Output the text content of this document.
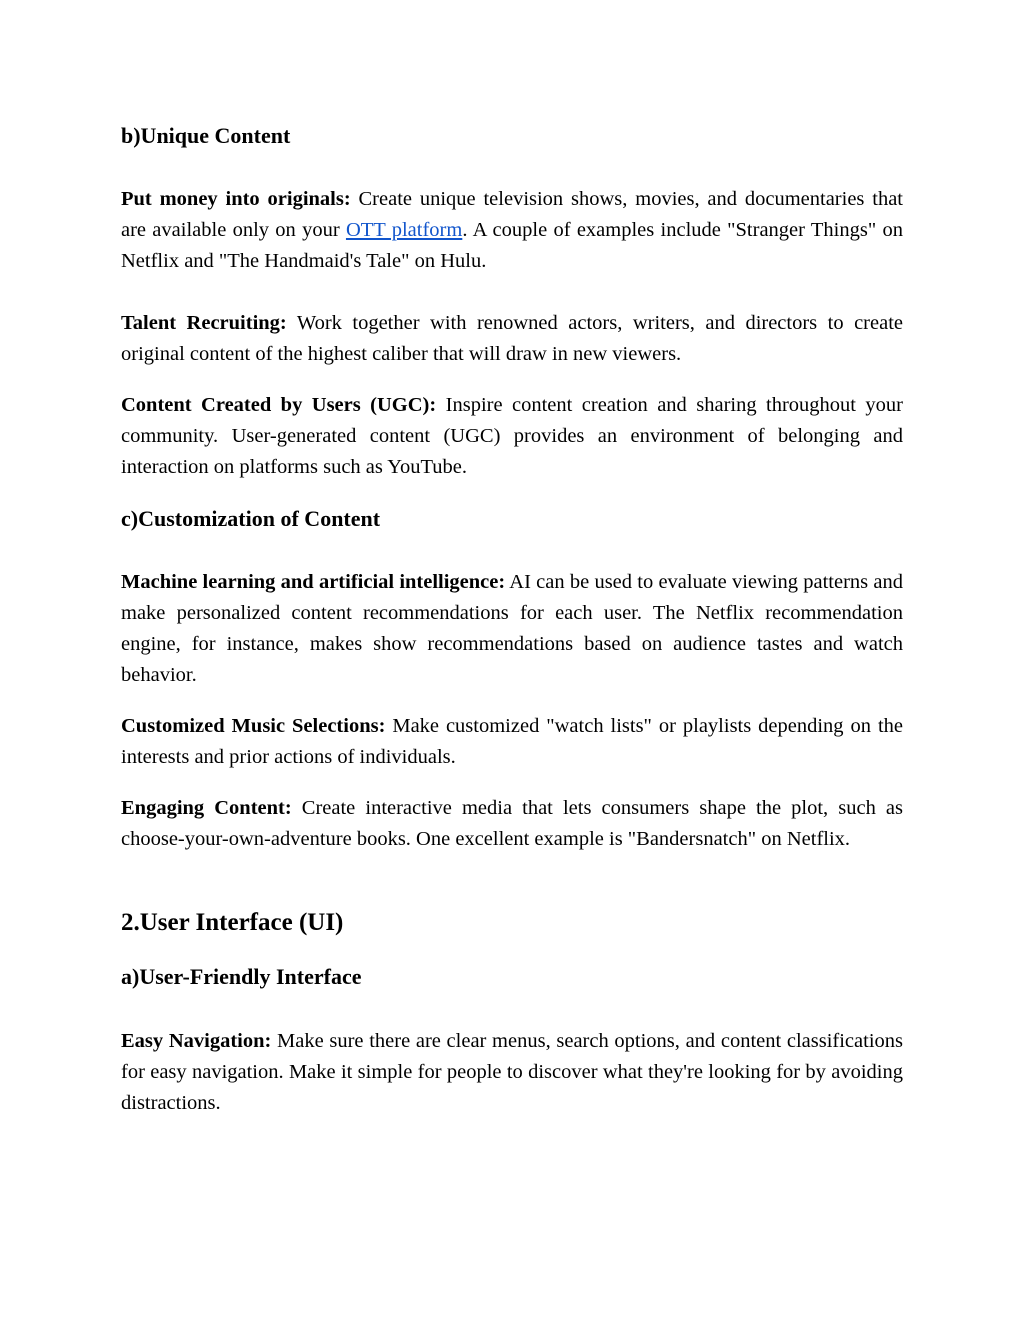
b)Unique Content

Put money into originals: Create unique television shows, movies, and documentaries that are available only on your OTT platform. A couple of examples include "Stranger Things" on Netflix and "The Handmaid's Tale" on Hulu.

Talent Recruiting: Work together with renowned actors, writers, and directors to create original content of the highest caliber that will draw in new viewers.

Content Created by Users (UGC): Inspire content creation and sharing throughout your community. User-generated content (UGC) provides an environment of belonging and interaction on platforms such as YouTube.

c)Customization of Content

Machine learning and artificial intelligence: AI can be used to evaluate viewing patterns and make personalized content recommendations for each user. The Netflix recommendation engine, for instance, makes show recommendations based on audience tastes and watch behavior.

Customized Music Selections: Make customized "watch lists" or playlists depending on the interests and prior actions of individuals.

Engaging Content: Create interactive media that lets consumers shape the plot, such as choose-your-own-adventure books. One excellent example is "Bandersnatch" on Netflix.

2.User Interface (UI)
a)User-Friendly Interface

Easy Navigation: Make sure there are clear menus, search options, and content classifications for easy navigation. Make it simple for people to discover what they're looking for by avoiding distractions.
